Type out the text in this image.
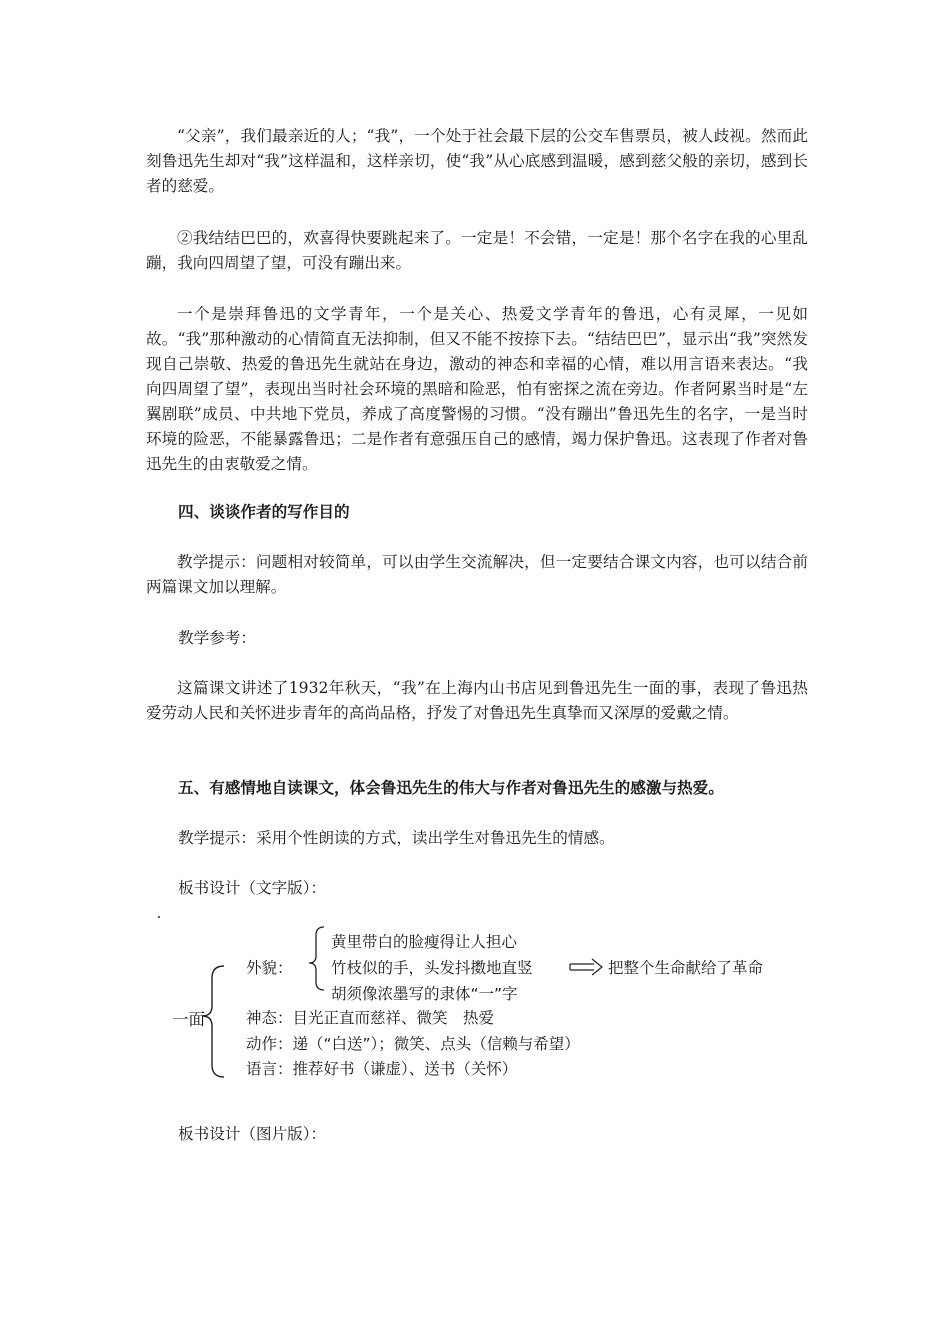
“父亲”，我们最亲近的人；“我”，一个处于社会最下层的公交车售票员，被人歧视。然而此刻鲁迅先生却对“我”这样温和，这样亲切，使“我”从心底感到温暖，感到慈父般的亲切，感到长者的慈爱。

②我结结巴巴的，欢喜得快要跳起来了。一定是！不会错，一定是！那个名字在我的心里乱蹦，我向四周望了望，可没有蹦出来。

一个是崇拜鲁迅的文学青年，一个是关心、热爱文学青年的鲁迅，心有灵犀，一见如故。“我”那种激动的心情简直无法抑制，但又不能不按捺下去。“结结巴巴”，显示出“我”突然发现自己崇敬、热爱的鲁迅先生就站在身边，激动的神态和幸福的心情，难以用言语来表达。“我向四周望了望”，表现出当时社会环境的黑暗和险恶，怕有密探之流在旁边。作者阿累当时是“左翼剧联”成员、中共地下党员，养成了高度警惕的习惯。“没有蹦出”鲁迅先生的名字，一是当时环境的险恶，不能暴露鲁迅；二是作者有意强压自己的感情，竭力保护鲁迅。这表现了作者对鲁迅先生的由衷敬爱之情。

四、谈谈作者的写作目的

教学提示：问题相对较简单，可以由学生交流解决，但一定要结合课文内容，也可以结合前两篇课文加以理解。

教学参考：

这篇课文讲述了1932年秋天，“我”在上海内山书店见到鲁迅先生一面的事，表现了鲁迅热爱劳动人民和关怀进步青年的高尚品格，抒发了对鲁迅先生真挚而又深厚的爱戴之情。

五、有感情地自读课文，体会鲁迅先生的伟大与作者对鲁迅先生的感激与热爱。

教学提示：采用个性朗读的方式，读出学生对鲁迅先生的情感。

板书设计（文字版）：

一面
外貌：
黄里带白的脸瘦得让人担心
竹枝似的手，头发抖擞地直竖
胡须像浓墨写的隶体“一”字
把整个生命献给了革命
神态：目光正直而慈祥、微笑　热爱
动作：递（“白送”）；微笑、点头（信赖与希望）
语言：推荐好书（谦虚）、送书（关怀）

板书设计（图片版）：
